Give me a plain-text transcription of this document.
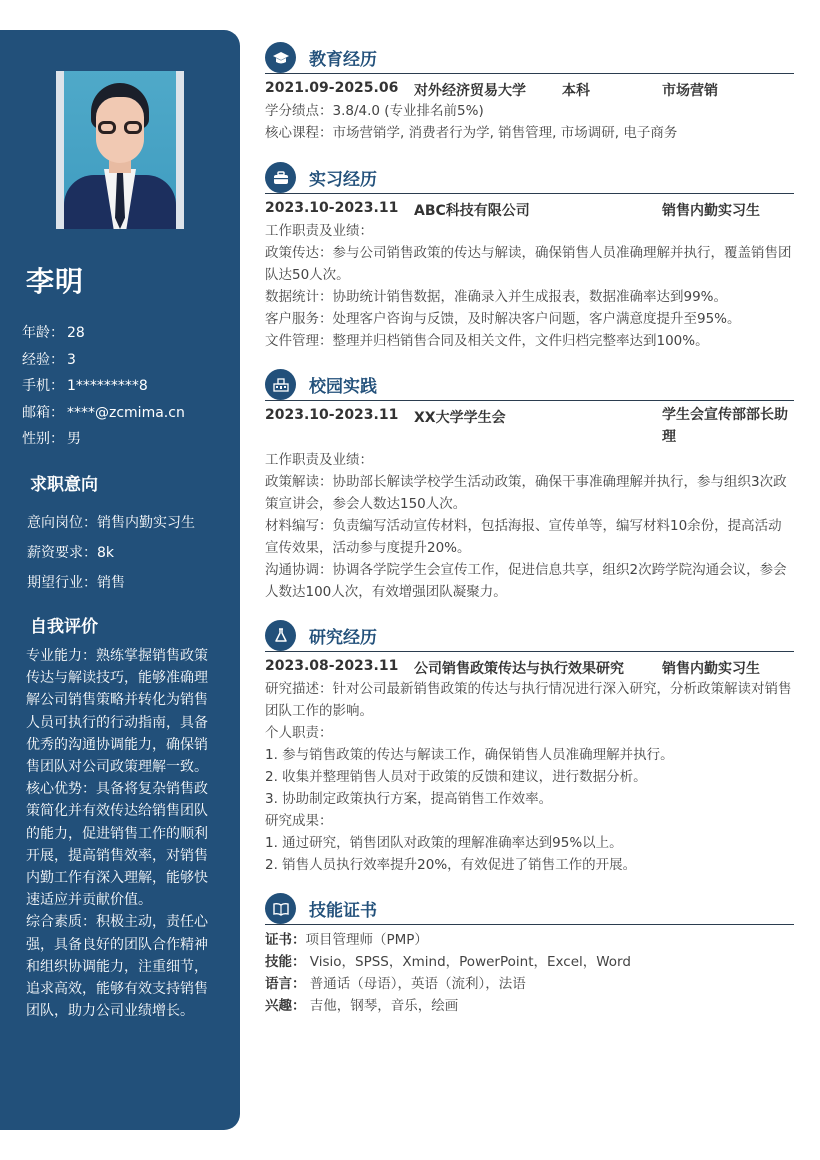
李明
年龄： 28
经验： 3
手机： 1*********8
邮箱： ****@zcmima.cn
性别： 男
求职意向
意向岗位：销售内勤实习生
薪资要求：8k
期望行业：销售
自我评价

专业能力：熟练掌握销售政策传达与解读技巧，能够准确理解公司销售策略并转化为销售人员可执行的行动指南，具备优秀的沟通协调能力，确保销售团队对公司政策理解一致。

核心优势：具备将复杂销售政策简化并有效传达给销售团队的能力，促进销售工作的顺利开展，提高销售效率，对销售内勤工作有深入理解，能够快速适应并贡献价值。

综合素质：积极主动，责任心强，具备良好的团队合作精神和组织协调能力，注重细节，追求高效，能够有效支持销售团队，助力公司业绩增长。

教育经历
2021.09-2025.06 对外经济贸易大学	本科	市场营销

学分绩点：3.8/4.0 (专业排名前5%)

核心课程：市场营销学, 消费者行为学, 销售管理, 市场调研, 电子商务

实习经历
2023.10-2023.11 ABC科技有限公司	销售内勤实习生

工作职责及业绩：

政策传达：参与公司销售政策的传达与解读，确保销售人员准确理解并执行，覆盖销售团队达50人次。

数据统计：协助统计销售数据，准确录入并生成报表，数据准确率达到99%。

客户服务：处理客户咨询与反馈，及时解决客户问题，客户满意度提升至95%。

文件管理：整理并归档销售合同及相关文件，文件归档完整率达到100%。

校园实践
2023.10-2023.11 XX大学学生会	学生会宣传部部长助理

工作职责及业绩：

政策解读：协助部长解读学校学生活动政策，确保干事准确理解并执行，参与组织3次政策宣讲会，参会人数达150人次。

材料编写：负责编写活动宣传材料，包括海报、宣传单等，编写材料10余份，提高活动宣传效果，活动参与度提升20%。

沟通协调：协调各学院学生会宣传工作，促进信息共享，组织2次跨学院沟通会议，参会人数达100人次，有效增强团队凝聚力。

研究经历
2023.08-2023.11 公司销售政策传达与执行效果研究	销售内勤实习生

研究描述：针对公司最新销售政策的传达与执行情况进行深入研究，分析政策解读对销售团队工作的影响。

个人职责：

1. 参与销售政策的传达与解读工作，确保销售人员准确理解并执行。

2. 收集并整理销售人员对于政策的反馈和建议，进行数据分析。

3. 协助制定政策执行方案，提高销售工作效率。

研究成果：

1. 通过研究，销售团队对政策的理解准确率达到95%以上。

2. 销售人员执行效率提升20%，有效促进了销售工作的开展。

技能证书
证书：项目管理师（PMP）
技能： Visio，SPSS，Xmind，PowerPoint，Excel，Word
语言： 普通话（母语），英语（流利），法语
兴趣： 吉他，钢琴，音乐，绘画
